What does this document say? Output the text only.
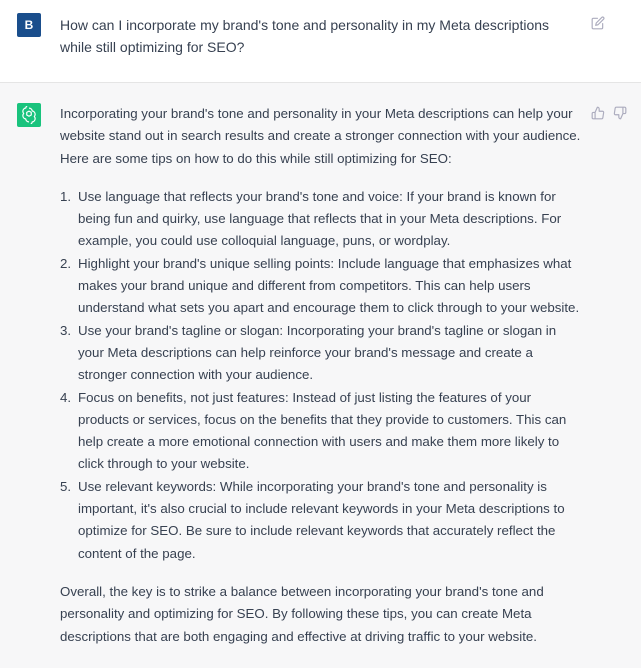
B	How can I incorporate my brand's tone and personality in my Meta descriptions while still optimizing for SEO?

Incorporating your brand's tone and personality in your Meta descriptions can help your website stand out in search results and create a stronger connection with your audience. Here are some tips on how to do this while still optimizing for SEO:

1. Use language that reflects your brand's tone and voice: If your brand is known for being fun and quirky, use language that reflects that in your Meta descriptions. For example, you could use colloquial language, puns, or wordplay.
2. Highlight your brand's unique selling points: Include language that emphasizes what makes your brand unique and different from competitors. This can help users understand what sets you apart and encourage them to click through to your website.
3. Use your brand's tagline or slogan: Incorporating your brand's tagline or slogan in your Meta descriptions can help reinforce your brand's message and create a stronger connection with your audience.
4. Focus on benefits, not just features: Instead of just listing the features of your products or services, focus on the benefits that they provide to customers. This can help create a more emotional connection with users and make them more likely to click through to your website.
5. Use relevant keywords: While incorporating your brand's tone and personality is important, it's also crucial to include relevant keywords in your Meta descriptions to optimize for SEO. Be sure to include relevant keywords that accurately reflect the content of the page.

Overall, the key is to strike a balance between incorporating your brand's tone and personality and optimizing for SEO. By following these tips, you can create Meta descriptions that are both engaging and effective at driving traffic to your website.
